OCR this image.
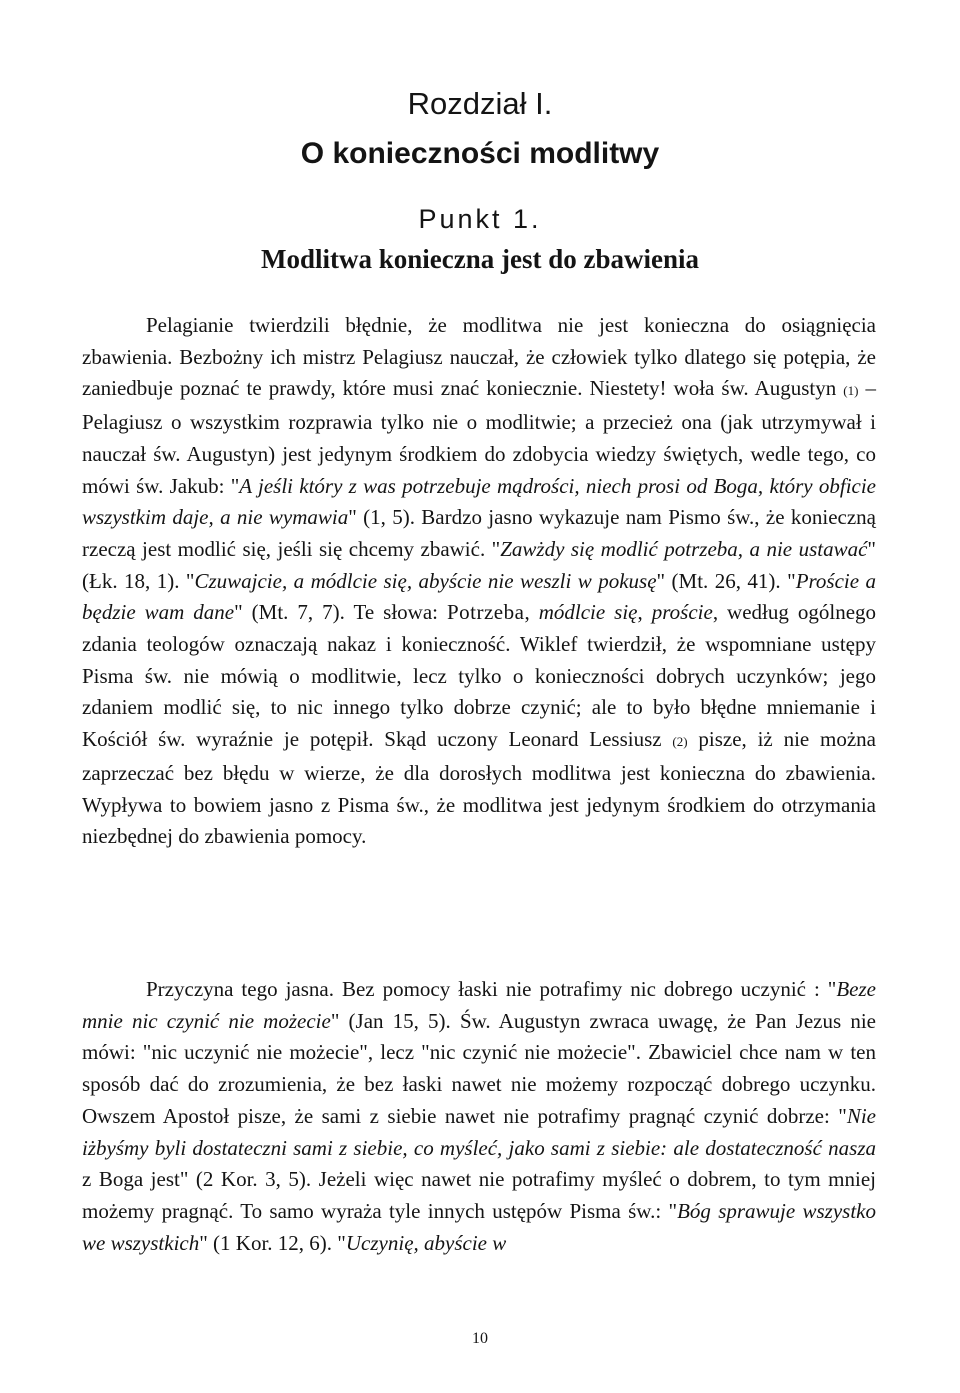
Rozdział I.
O konieczności modlitwy
Punkt 1.
Modlitwa konieczna jest do zbawienia

Pelagianie twierdzili błędnie, że modlitwa nie jest konieczna do osiągnięcia zbawienia. Bezbożny ich mistrz Pelagiusz nauczał, że człowiek tylko dlatego się potępia, że zaniedbuje poznać te prawdy, które musi znać koniecznie. Niestety! woła św. Augustyn (1) – Pelagiusz o wszystkim rozprawia tylko nie o modlitwie; a przecież ona (jak utrzymywał i nauczał św. Augustyn) jest jedynym środkiem do zdobycia wiedzy świętych, wedle tego, co mówi św. Jakub: "A jeśli który z was potrzebuje mądrości, niech prosi od Boga, który obficie wszystkim daje, a nie wymawia" (1, 5). Bardzo jasno wykazuje nam Pismo św., że konieczną rzeczą jest modlić się, jeśli się chcemy zbawić. "Zawżdy się modlić potrzeba, a nie ustawać" (Łk. 18, 1). "Czuwajcie, a módlcie się, abyście nie weszli w pokusę" (Mt. 26, 41). "Proście a będzie wam dane" (Mt. 7, 7). Te słowa: Potrzeba, módlcie się, proście, według ogólnego zdania teologów oznaczają nakaz i konieczność. Wiklef twierdził, że wspomniane ustępy Pisma św. nie mówią o modlitwie, lecz tylko o konieczności dobrych uczynków; jego zdaniem modlić się, to nic innego tylko dobrze czynić; ale to było błędne mniemanie i Kościół św. wyraźnie je potępił. Skąd uczony Leonard Lessiusz (2) pisze, iż nie można zaprzeczać bez błędu w wierze, że dla dorosłych modlitwa jest konieczna do zbawienia. Wypływa to bowiem jasno z Pisma św., że modlitwa jest jedynym środkiem do otrzymania niezbędnej do zbawienia pomocy.

Przyczyna tego jasna. Bez pomocy łaski nie potrafimy nic dobrego uczynić : "Beze mnie nic czynić nie możecie" (Jan 15, 5). Św. Augustyn zwraca uwagę, że Pan Jezus nie mówi: "nic uczynić nie możecie", lecz "nic czynić nie możecie". Zbawiciel chce nam w ten sposób dać do zrozumienia, że bez łaski nawet nie możemy rozpocząć dobrego uczynku. Owszem Apostoł pisze, że sami z siebie nawet nie potrafimy pragnąć czynić dobrze: "Nie iżbyśmy byli dostateczni sami z siebie, co myśleć, jako sami z siebie: ale dostateczność nasza z Boga jest" (2 Kor. 3, 5). Jeżeli więc nawet nie potrafimy myśleć o dobrem, to tym mniej możemy pragnąć. To samo wyraża tyle innych ustępów Pisma św.: "Bóg sprawuje wszystko we wszystkich" (1 Kor. 12, 6). "Uczynię, abyście w

10
